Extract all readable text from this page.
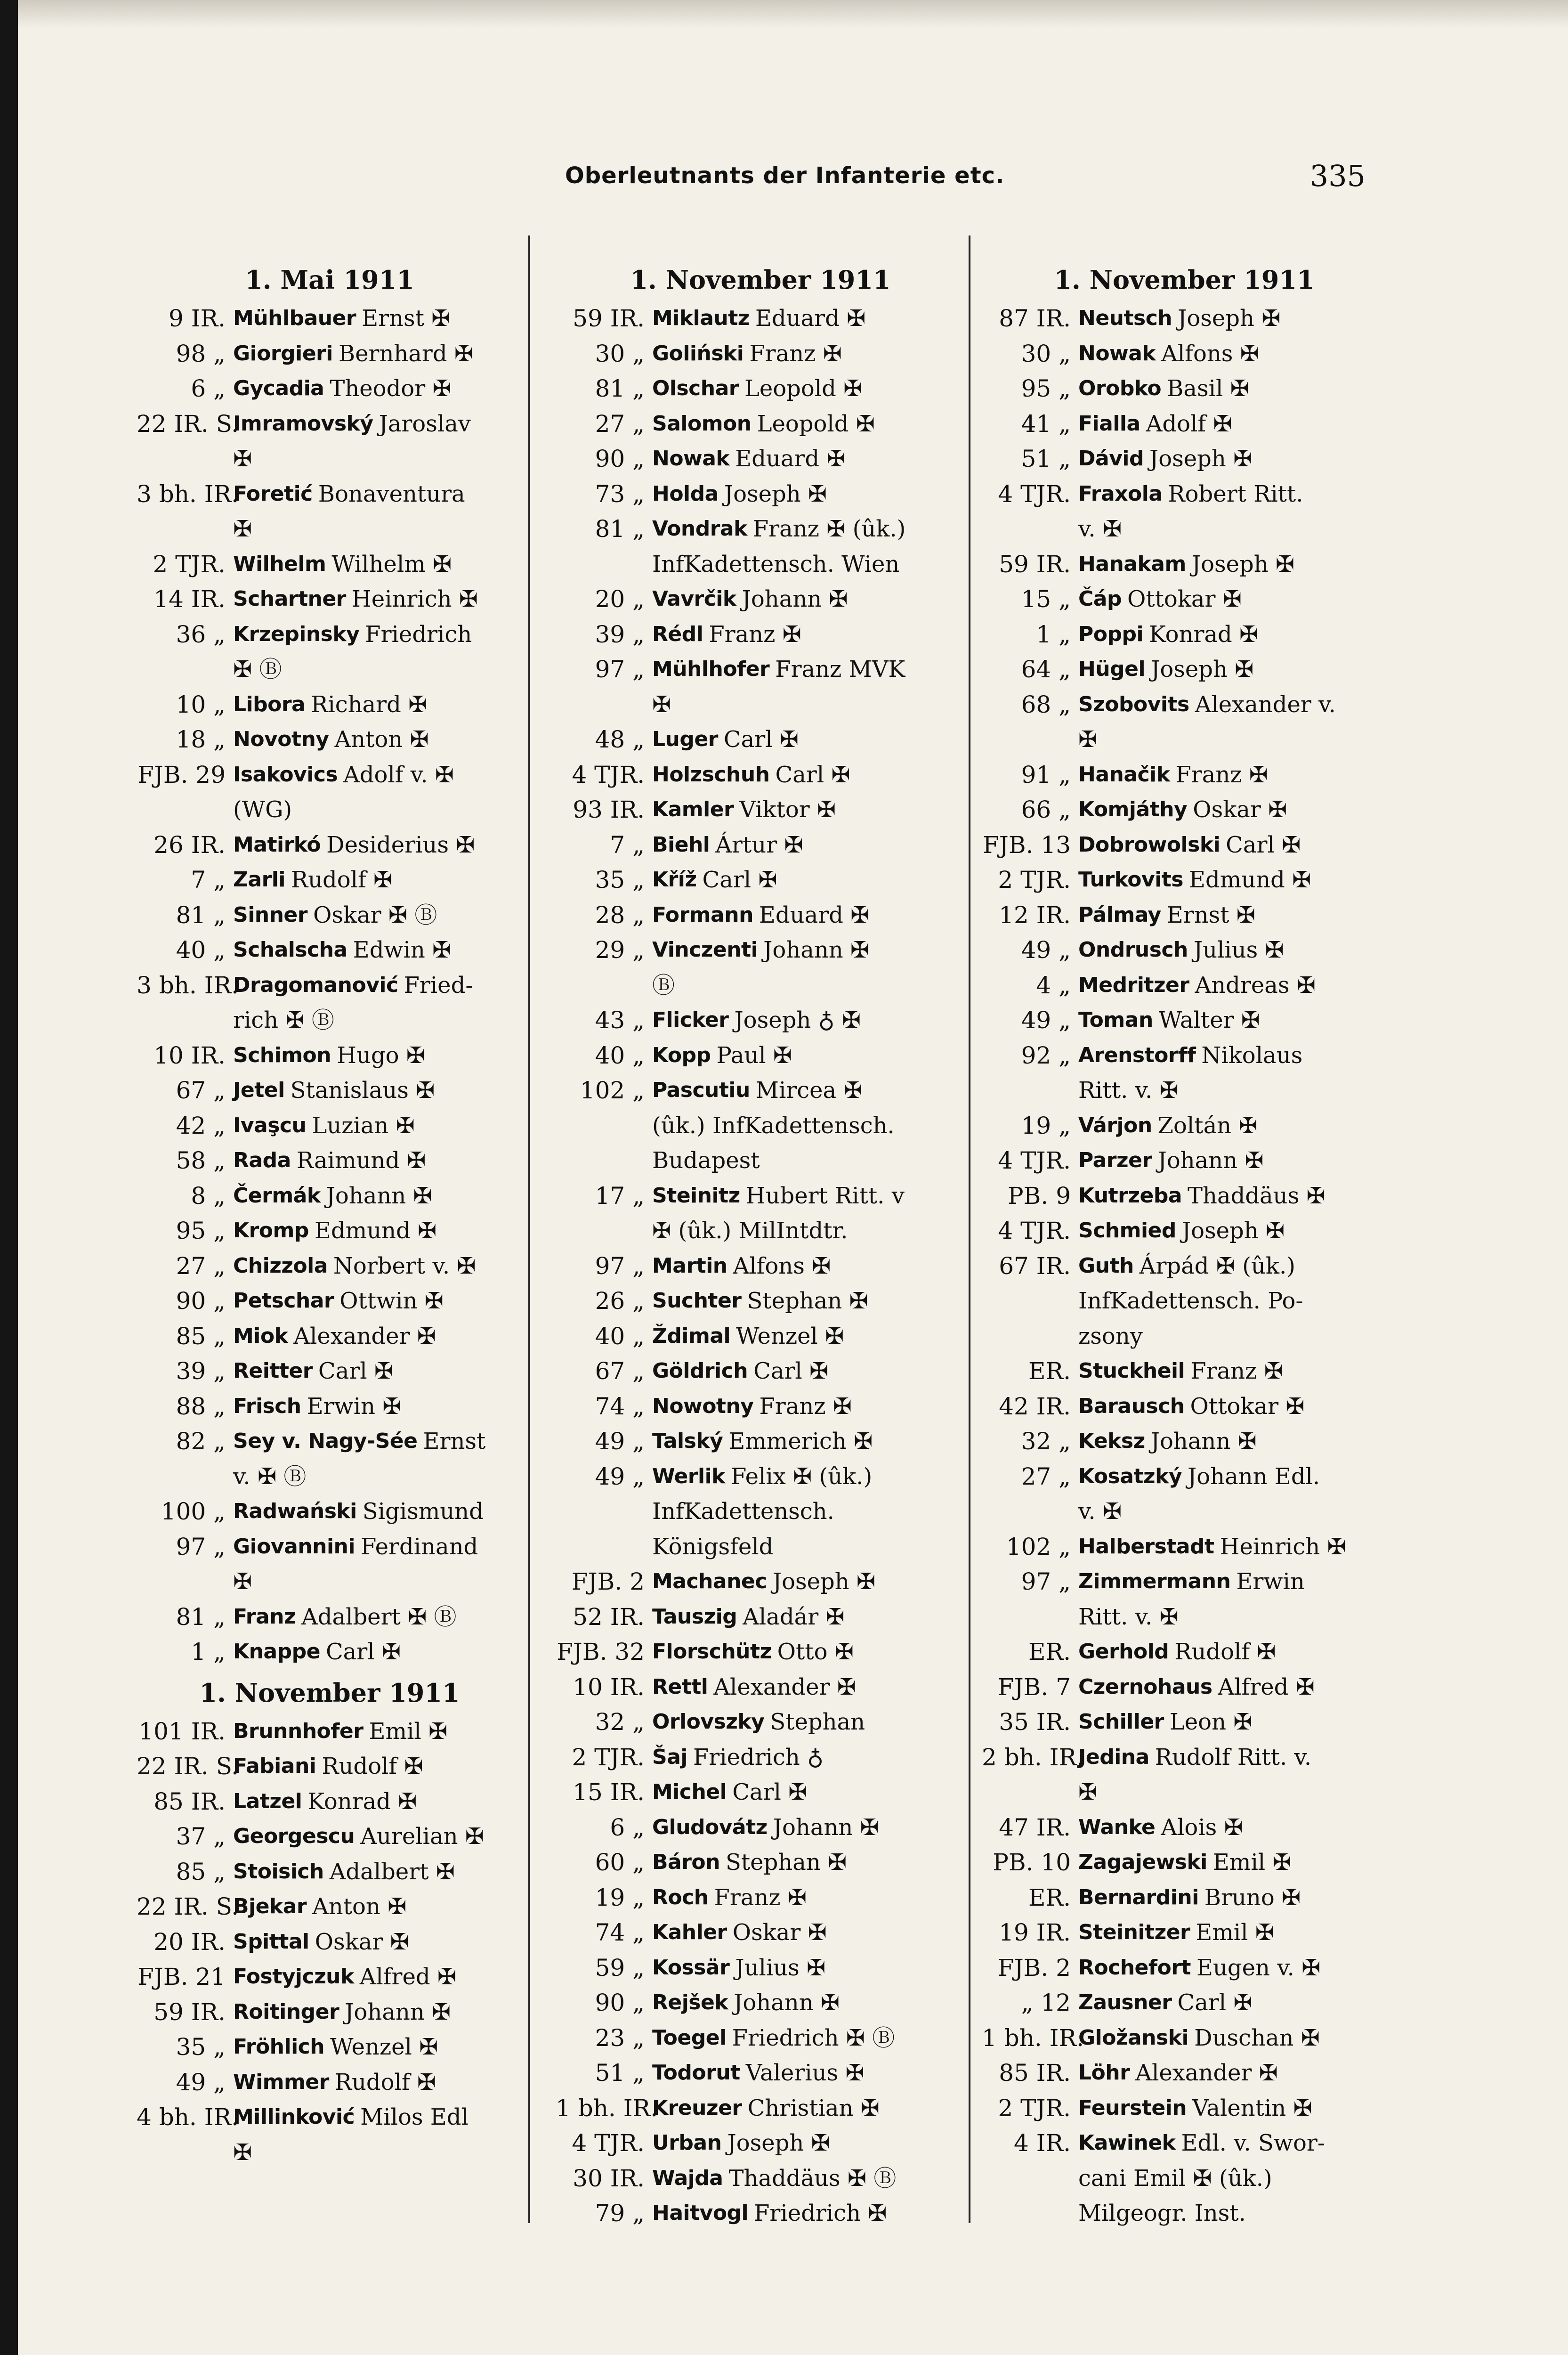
Oberleutnants der Infanterie etc.	335
1. Mai 1911
9 IR. Mühlbauer Ernst ✠
98 „ Giorgieri Bernhard ✠
6 „ Gycadia Theodor ✠
22 IR. S.
Imramovský Jaroslav
✠
3 bh. IR.
Foretić Bonaventura
✠
2 TJR. Wilhelm Wilhelm ✠
14 IR. Schartner Heinrich ✠
36 „ Krzepinsky Friedrich
✠ Ⓑ
10 „ Libora Richard ✠
18 „ Novotny Anton ✠
FJB. 29 Isakovics Adolf v. ✠
(WG)
26 IR. Matirkó Desiderius ✠
7 „ Zarli Rudolf ✠
81 „ Sinner Oskar ✠ Ⓑ
40 „ Schalscha Edwin ✠
3 bh. IR.
Dragomanović Fried-
rich ✠ Ⓑ
10 IR. Schimon Hugo ✠
67 „ Jetel Stanislaus ✠
42 „ Ivaşcu Luzian ✠
58 „ Rada Raimund ✠
8 „ Čermák Johann ✠
95 „ Kromp Edmund ✠
27 „ Chizzola Norbert v. ✠
90 „ Petschar Ottwin ✠
85 „ Miok Alexander ✠
39 „ Reitter Carl ✠
88 „ Frisch Erwin ✠
82 „ Sey v. Nagy-Sée Ernst
v. ✠ Ⓑ
100 „ Radwański Sigismund
97 „ Giovannini Ferdinand
✠
81 „ Franz Adalbert ✠ Ⓑ
1 „ Knappe Carl ✠
1. November 1911
101 IR. Brunnhofer Emil ✠
22 IR. S.
Fabiani Rudolf ✠
85 IR. Latzel Konrad ✠
37 „ Georgescu Aurelian ✠
85 „ Stoisich Adalbert ✠
22 IR. S.
Bjekar Anton ✠
20 IR. Spittal Oskar ✠
FJB. 21 Fostyjczuk Alfred ✠
59 IR. Roitinger Johann ✠
35 „ Fröhlich Wenzel ✠
49 „ Wimmer Rudolf ✠
4 bh. IR.
Millinković Milos Edl
✠
1. November 1911
59 IR. Miklautz Eduard ✠
30 „ Goliński Franz ✠
81 „ Olschar Leopold ✠
27 „ Salomon Leopold ✠
90 „ Nowak Eduard ✠
73 „ Holda Joseph ✠
81 „ Vondrak Franz ✠ (ûk.)
InfKadettensch. Wien
20 „ Vavrčik Johann ✠
39 „ Rédl Franz ✠
97 „ Mühlhofer Franz MVK
✠
48 „ Luger Carl ✠
4 TJR. Holzschuh Carl ✠
93 IR. Kamler Viktor ✠
7 „ Biehl Ártur ✠
35 „ Kříž Carl ✠
28 „ Formann Eduard ✠
29 „ Vinczenti Johann ✠
Ⓑ
43 „ Flicker Joseph ♁ ✠
40 „ Kopp Paul ✠
102 „ Pascutiu Mircea ✠
(ûk.) InfKadettensch.
Budapest
17 „ Steinitz Hubert Ritt. v
✠ (ûk.) MilIntdtr.
97 „ Martin Alfons ✠
26 „ Suchter Stephan ✠
40 „ Ždimal Wenzel ✠
67 „ Göldrich Carl ✠
74 „ Nowotny Franz ✠
49 „ Talský Emmerich ✠
49 „ Werlik Felix ✠ (ûk.)
InfKadettensch.
Königsfeld
FJB. 2 Machanec Joseph ✠
52 IR. Tauszig Aladár ✠
FJB. 32 Florschütz Otto ✠
10 IR. Rettl Alexander ✠
32 „ Orlovszky Stephan
2 TJR. Šaj Friedrich ♁
15 IR. Michel Carl ✠
6 „ Gludovátz Johann ✠
60 „ Báron Stephan ✠
19 „ Roch Franz ✠
74 „ Kahler Oskar ✠
59 „ Kossär Julius ✠
90 „ Rejšek Johann ✠
23 „ Toegel Friedrich ✠ Ⓑ
51 „ Todorut Valerius ✠
1 bh. IR.
Kreuzer Christian ✠
4 TJR. Urban Joseph ✠
30 IR. Wajda Thaddäus ✠ Ⓑ
79 „ Haitvogl Friedrich ✠
1. November 1911
87 IR. Neutsch Joseph ✠
30 „ Nowak Alfons ✠
95 „ Orobko Basil ✠
41 „ Fialla Adolf ✠
51 „ Dávid Joseph ✠
4 TJR. Fraxola Robert Ritt.
v. ✠
59 IR. Hanakam Joseph ✠
15 „ Čáp Ottokar ✠
1 „ Poppi Konrad ✠
64 „ Hügel Joseph ✠
68 „ Szobovits Alexander v.
✠
91 „ Hanačik Franz ✠
66 „ Komjáthy Oskar ✠
FJB. 13 Dobrowolski Carl ✠
2 TJR. Turkovits Edmund ✠
12 IR. Pálmay Ernst ✠
49 „ Ondrusch Julius ✠
4 „ Medritzer Andreas ✠
49 „ Toman Walter ✠
92 „ Arenstorff Nikolaus
Ritt. v. ✠
19 „ Várjon Zoltán ✠
4 TJR. Parzer Johann ✠
PB. 9 Kutrzeba Thaddäus ✠
4 TJR. Schmied Joseph ✠
67 IR. Guth Árpád ✠ (ûk.)
InfKadettensch. Po-
zsony
ER. Stuckheil Franz ✠
42 IR. Barausch Ottokar ✠
32 „ Keksz Johann ✠
27 „ Kosatzký Johann Edl.
v. ✠
102 „ Halberstadt Heinrich ✠
97 „ Zimmermann Erwin
Ritt. v. ✠
ER. Gerhold Rudolf ✠
FJB. 7 Czernohaus Alfred ✠
35 IR. Schiller Leon ✠
2 bh. IR.
Jedina Rudolf Ritt. v.
✠
47 IR. Wanke Alois ✠
PB. 10 Zagajewski Emil ✠
ER. Bernardini Bruno ✠
19 IR. Steinitzer Emil ✠
FJB. 2 Rochefort Eugen v. ✠
„ 12 Zausner Carl ✠
1 bh. IR.
Gložanski Duschan ✠
85 IR. Löhr Alexander ✠
2 TJR. Feurstein Valentin ✠
4 IR. Kawinek Edl. v. Swor-
cani Emil ✠ (ûk.)
Milgeogr. Inst.
